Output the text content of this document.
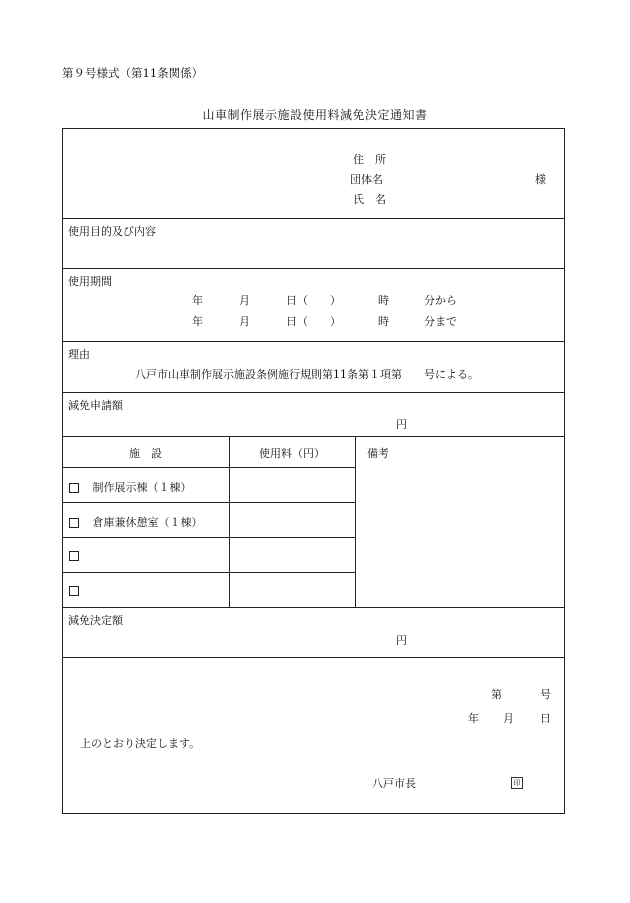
第９号様式（第11条関係）
山車制作展示施設使用料減免決定通知書
住　所
団体名	様
氏　名
使用目的及び内容
使用期間
年	月	日（　　）	時	分から
年	月	日（　　）	時	分まで
理由
八戸市山車制作展示施設条例施行規則第11条第１項第　　号による。
減免申請額
円
施　設	使用料（円）	備考
制作展示棟（１棟）
倉庫兼休憩室（１棟）
減免決定額
円
第	号
年 月 日
上のとおり決定します。
八戸市長	印
